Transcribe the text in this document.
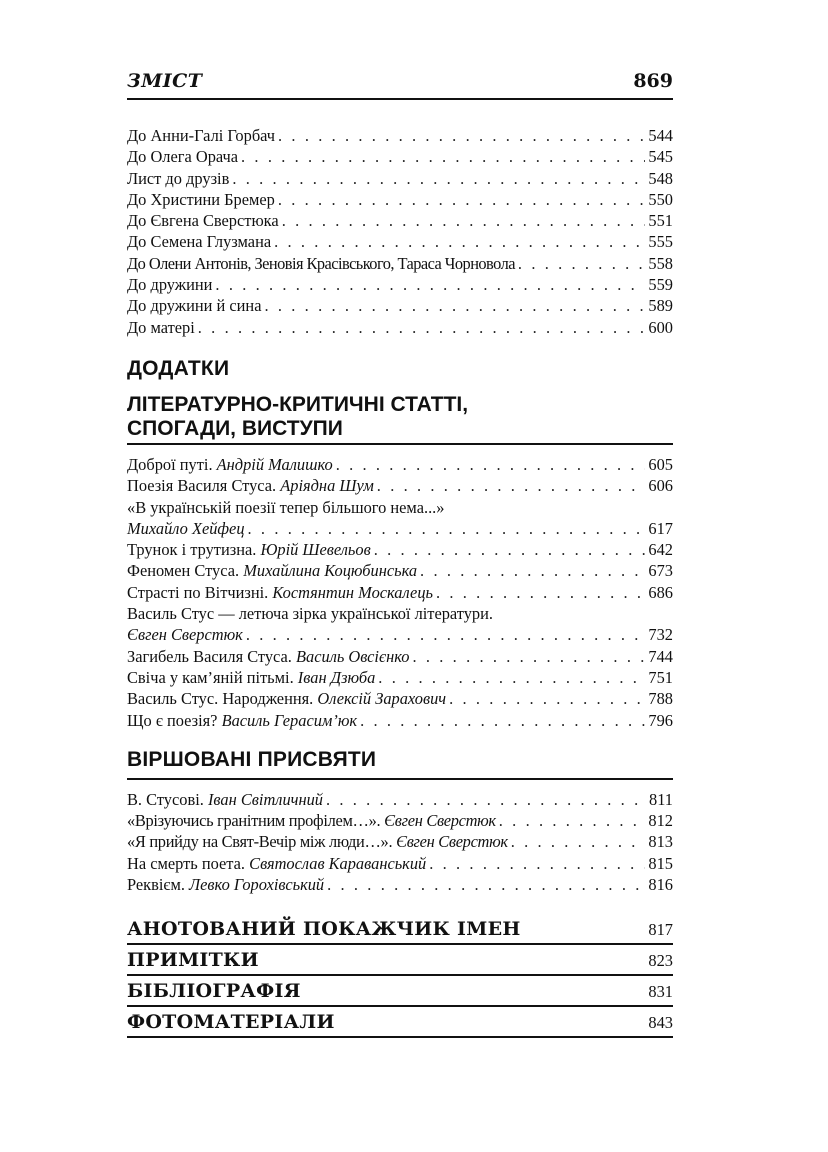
ЗМІСТ	869
До Анни-Галі Горбач . . .	544
До Олега Орача . . .	545
Лист до друзів . . .	548
До Христини Бремер . . .	550
До Євгена Сверстюка . . .	551
До Семена Глузмана . . .	555
До Олени Антонів, Зеновія Красівського, Тараса Чорновола . . .	558
До дружини . . .	559
До дружини й сина . . .	589
До матері . . .	600
ДОДАТКИ
ЛІТЕРАТУРНО-КРИТИЧНІ СТАТТІ,
СПОГАДИ, ВИСТУПИ
Доброї путі. Андрій Малишко . . .	605
Поезія Василя Стуса. Аріядна Шум . . .	606
«В українській поезії тепер більшого нема...»
Михайло Хейфец . . .	617
Трунок і трутизна. Юрій Шевельов . . .	642
Феномен Стуса. Михайлина Коцюбинська . . .	673
Страсті по Вітчизні. Костянтин Москалець . . .	686
Василь Стус — летюча зірка української літератури.
Євген Сверстюк . . .	732
Загибель Василя Стуса. Василь Овсієнко . . .	744
Свіча у кам’яній пітьмі. Іван Дзюба . . .	751
Василь Стус. Народження. Олексій Зарахович . . .	788
Що є поезія? Василь Герасим’юк . . .	796
ВІРШОВАНІ ПРИСВЯТИ
В. Стусові. Іван Світличний . . .	811
«Врізуючись гранітним профілем…». Євген Сверстюк . . .	812
«Я прийду на Свят-Вечір між люди…». Євген Сверстюк . . .	813
На смерть поета. Святослав Караванський . . .	815
Реквієм. Левко Горохівський . . .	816
АНОТОВАНИЙ ПОКАЖЧИК ІМЕН	817
ПРИМІТКИ	823
БІБЛІОГРАФІЯ	831
ФОТОМАТЕРІАЛИ	843
